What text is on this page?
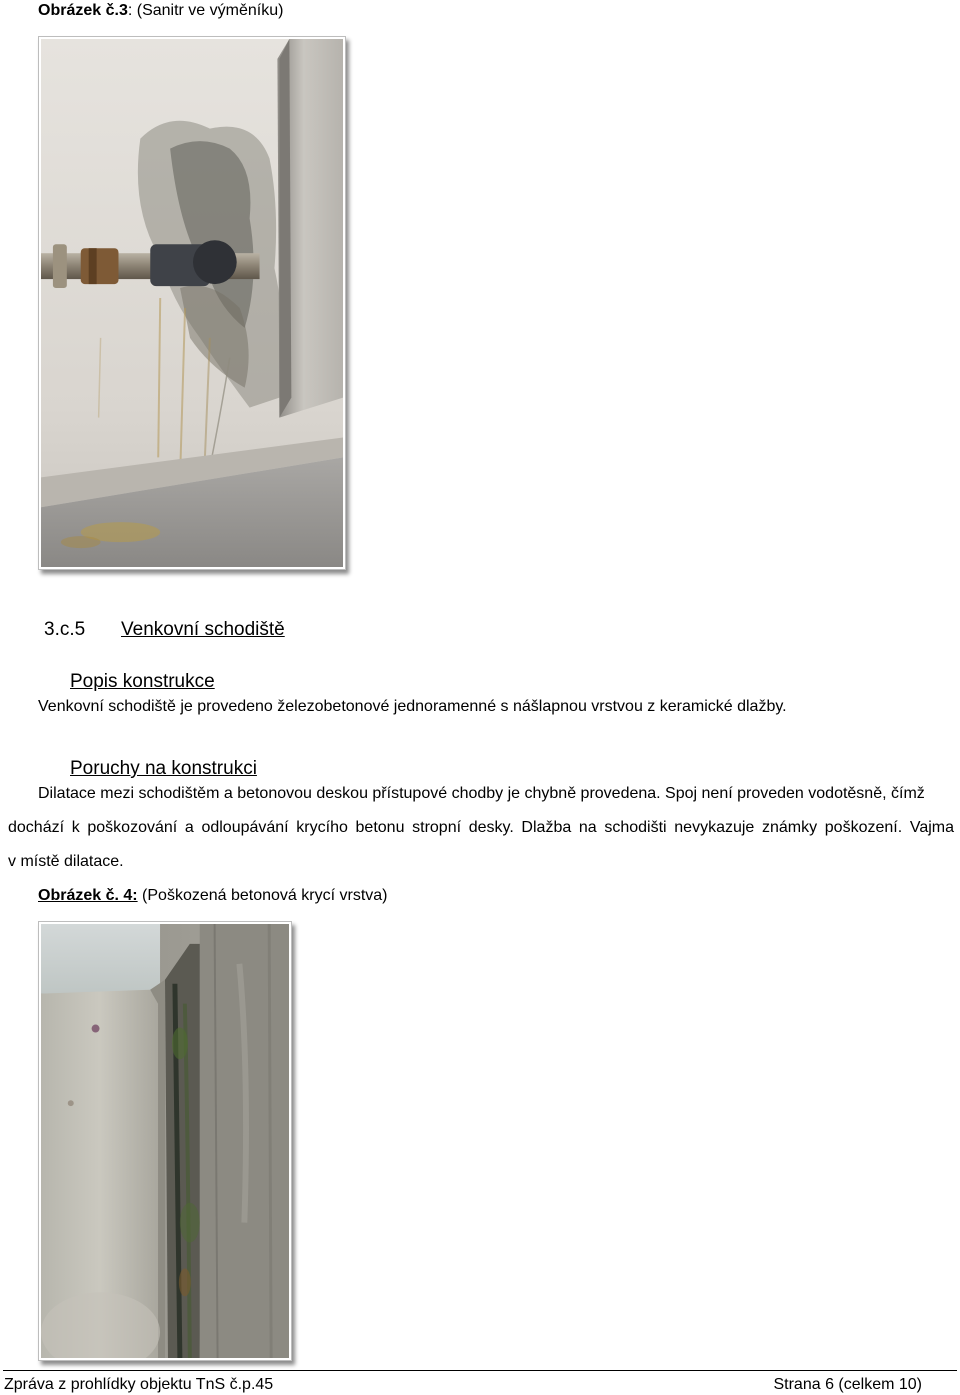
Obrázek č.3: (Sanitr ve výměníku)
3.c.5 Venkovní schodiště
Popis konstrukce
Venkovní schodiště je provedeno železobetonové jednoramenné s nášlapnou vrstvou z keramické dlažby.
Poruchy na konstrukci
Dilatace mezi schodištěm a betonovou deskou přístupové chodby je chybně provedena. Spoj není proveden vodotěsně, čímž
dochází k poškozování a odloupávání krycího betonu stropní desky. Dlažba na schodišti nevykazuje známky poškození. Vajma
v místě dilatace.
Obrázek č. 4: (Poškozená betonová krycí vrstva)
Zpráva z prohlídky objektu TnS č.p.45	Strana 6 (celkem 10)
